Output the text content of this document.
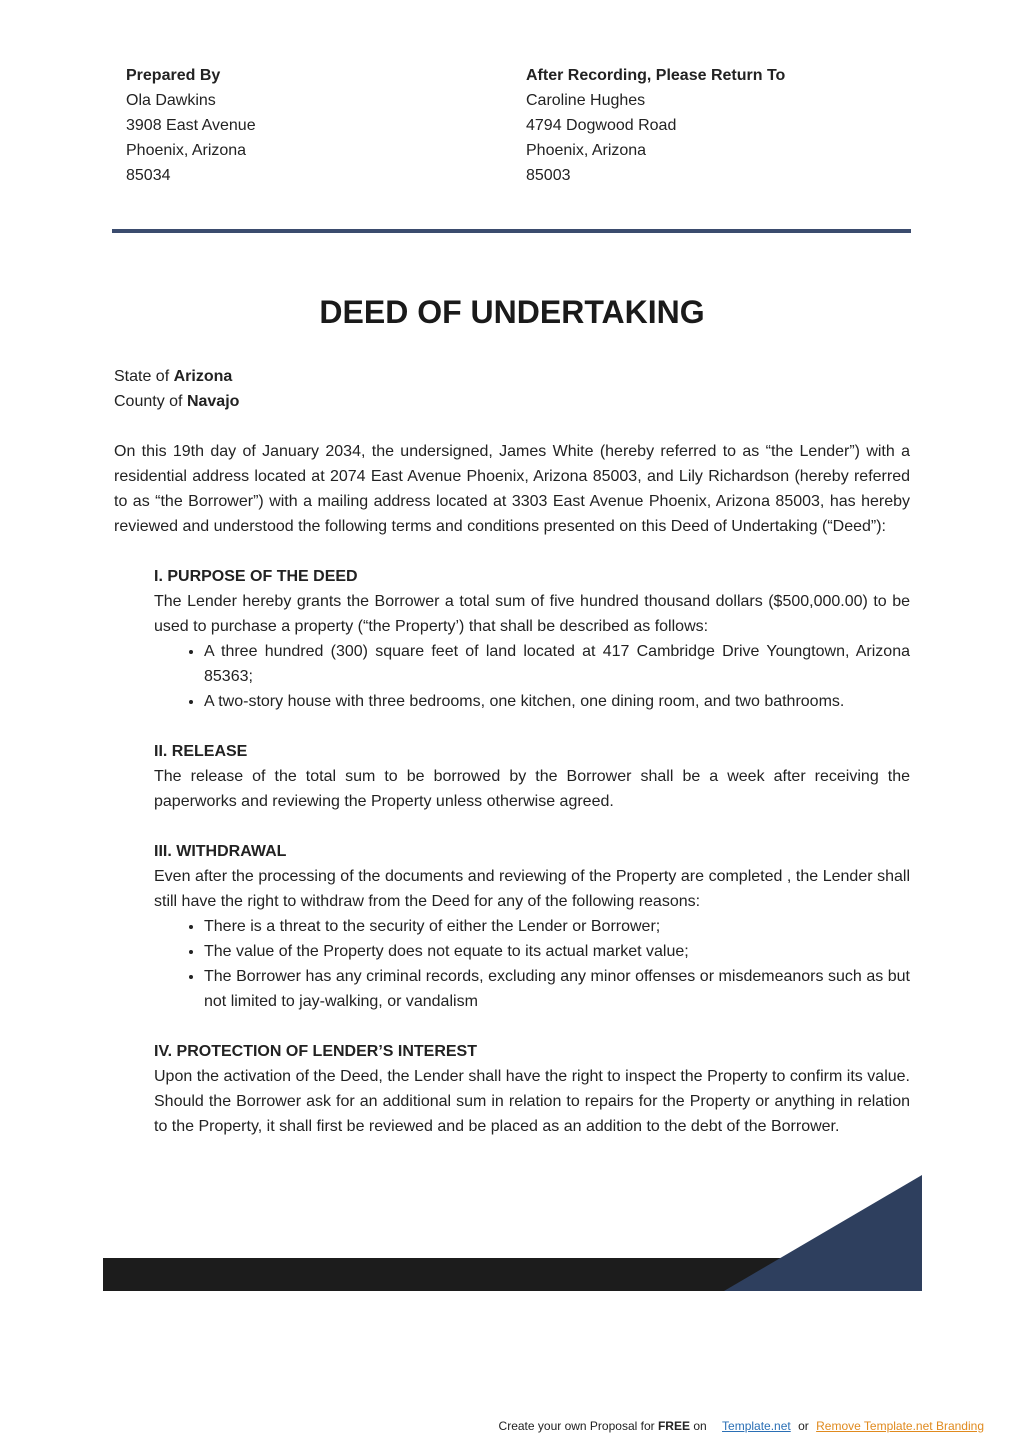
Prepared By
Ola Dawkins
3908 East Avenue
Phoenix, Arizona
85034
After Recording, Please Return To
Caroline Hughes
4794 Dogwood Road
Phoenix, Arizona
85003
DEED OF UNDERTAKING
State of Arizona
County of Navajo

On this 19th day of January 2034, the undersigned, James White (hereby referred to as “the Lender”) with a residential address located at 2074 East Avenue Phoenix, Arizona 85003, and Lily Richardson (hereby referred to as “the Borrower”) with a mailing address located at 3303 East Avenue Phoenix, Arizona 85003, has hereby reviewed and understood the following terms and conditions presented on this Deed of Undertaking (“Deed”):

I. PURPOSE OF THE DEED

The Lender hereby grants the Borrower a total sum of five hundred thousand dollars ($500,000.00) to be used to purchase a property (“the Property’) that shall be described as follows:

• A three hundred (300) square feet of land located at 417 Cambridge Drive Youngtown, Arizona 85363;
• A two-story house with three bedrooms, one kitchen, one dining room, and two bathrooms.

II. RELEASE

The release of the total sum to be borrowed by the Borrower shall be a week after receiving the paperworks and reviewing the Property unless otherwise agreed.

III. WITHDRAWAL

Even after the processing of the documents and reviewing of the Property are completed , the Lender shall still have the right to withdraw from the Deed for any of the following reasons:

• There is a threat to the security of either the Lender or Borrower;
• The value of the Property does not equate to its actual market value;
• The Borrower has any criminal records, excluding any minor offenses or misdemeanors such as but not limited to jay-walking, or vandalism

IV. PROTECTION OF LENDER’S INTEREST

Upon the activation of the Deed, the Lender shall have the right to inspect the Property to confirm its value. Should the Borrower ask for an additional sum in relation to repairs for the Property or anything in relation to the Property, it shall first be reviewed and be placed as an addition to the debt of the Borrower.

Create your own Proposal for FREE on Template.net or Remove Template.net Branding
